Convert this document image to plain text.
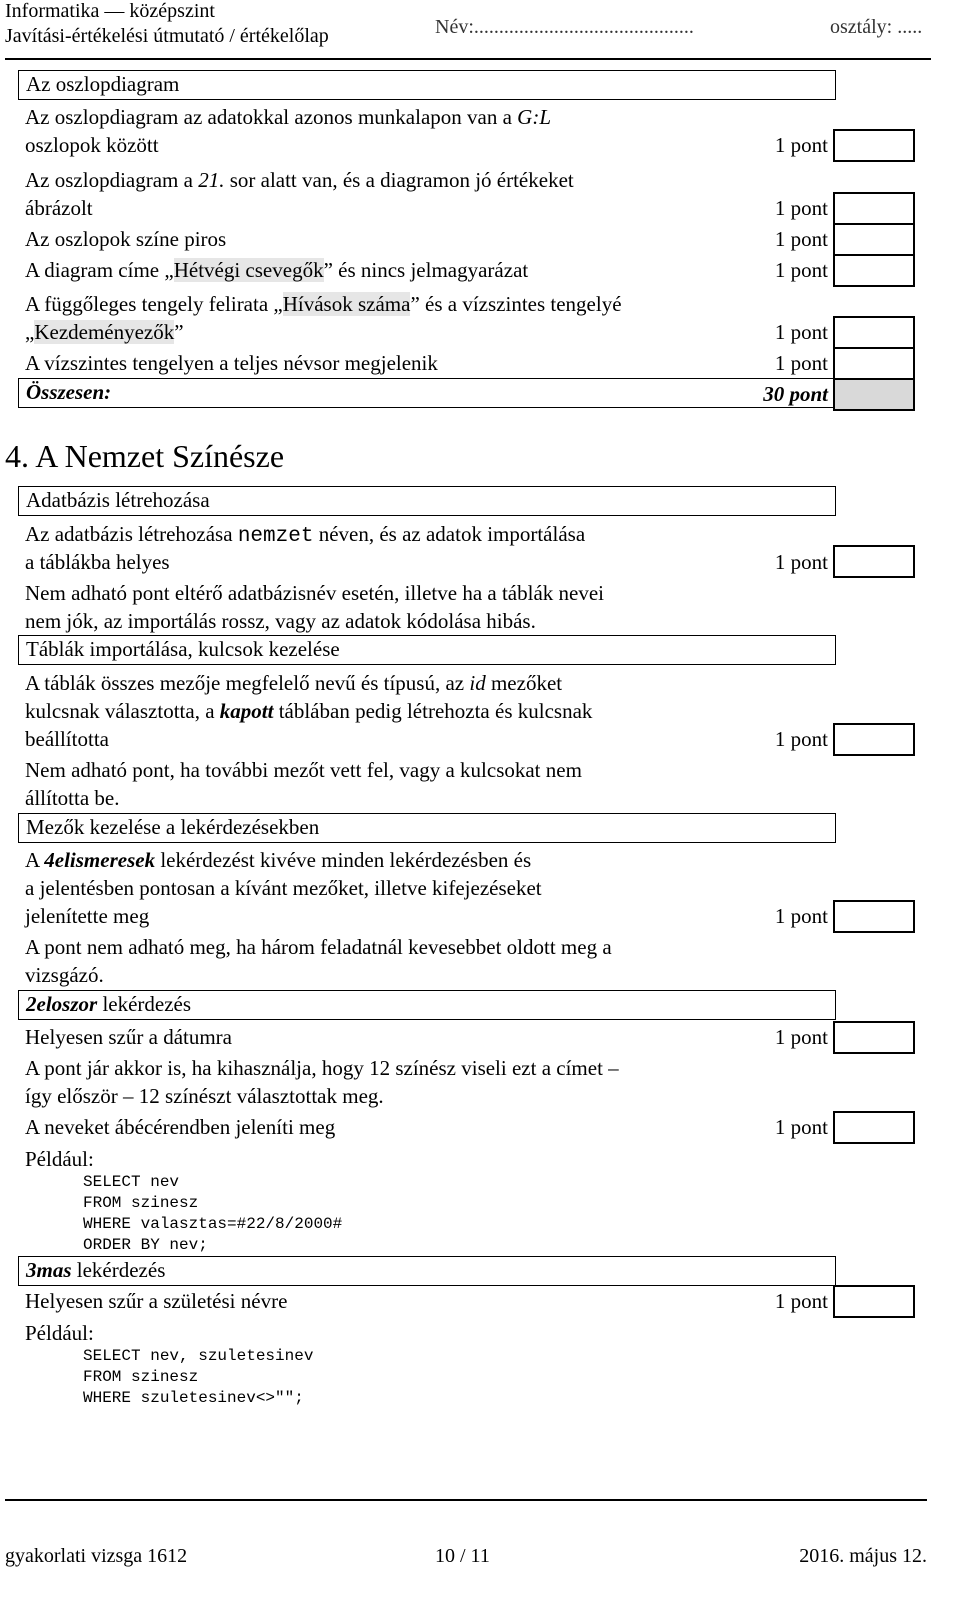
Informatika — középszint
Javítási-értékelési útmutató / értékelőlap	Név:............................................	osztály: .....
Az oszlopdiagram
Az oszlopdiagram az adatokkal azonos munkalapon van a G:L
oszlopok között	1 pont
Az oszlopdiagram a 21. sor alatt van, és a diagramon jó értékeket
ábrázolt	1 pont
Az oszlopok színe piros	1 pont
A diagram címe „Hétvégi csevegők” és nincs jelmagyarázat	1 pont
A függőleges tengely felirata „Hívások száma” és a vízszintes tengelyé
„Kezdeményezők”	1 pont
A vízszintes tengelyen a teljes névsor megjelenik	1 pont
Összesen:	30 pont
4. A Nemzet Színésze
Adatbázis létrehozása
Az adatbázis létrehozása nemzet néven, és az adatok importálása
a táblákba helyes	1 pont
Nem adható pont eltérő adatbázisnév esetén, illetve ha a táblák nevei
nem jók, az importálás rossz, vagy az adatok kódolása hibás.
Táblák importálása, kulcsok kezelése
A táblák összes mezője megfelelő nevű és típusú, az id mezőket
kulcsnak választotta, a kapott táblában pedig létrehozta és kulcsnak
beállította	1 pont
Nem adható pont, ha további mezőt vett fel, vagy a kulcsokat nem
állította be.
Mezők kezelése a lekérdezésekben
A 4elismeresek lekérdezést kivéve minden lekérdezésben és
a jelentésben pontosan a kívánt mezőket, illetve kifejezéseket
jelenítette meg	1 pont
A pont nem adható meg, ha három feladatnál kevesebbet oldott meg a
vizsgázó.
2eloszor lekérdezés
Helyesen szűr a dátumra	1 pont
A pont jár akkor is, ha kihasználja, hogy 12 színész viseli ezt a címet –
így először – 12 színészt választottak meg.
A neveket ábécérendben jeleníti meg	1 pont
Például:
SELECT nev
FROM szinesz
WHERE valasztas=#22/8/2000#
ORDER BY nev;
3mas lekérdezés
Helyesen szűr a születési névre	1 pont
Például:
SELECT nev, szuletesinev
FROM szinesz
WHERE szuletesinev<>"";
gyakorlati vizsga 1612	10 / 11	2016. május 12.
